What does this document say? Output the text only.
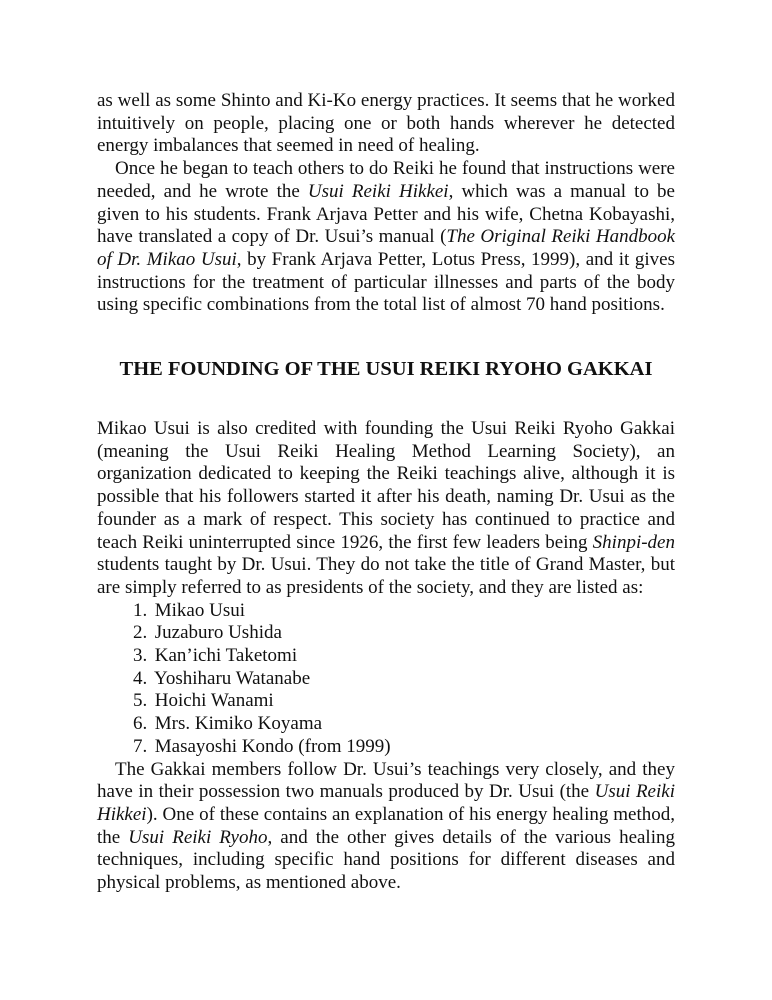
as well as some Shinto and Ki-Ko energy practices. It seems that he worked intuitively on people, placing one or both hands wherever he detected energy imbalances that seemed in need of healing.

Once he began to teach others to do Reiki he found that instructions were needed, and he wrote the Usui Reiki Hikkei, which was a manual to be given to his students. Frank Arjava Petter and his wife, Chetna Kobayashi, have translated a copy of Dr. Usui’s manual (The Original Reiki Handbook of Dr. Mikao Usui, by Frank Arjava Petter, Lotus Press, 1999), and it gives instructions for the treatment of particular illnesses and parts of the body using specific combinations from the total list of almost 70 hand positions.

THE FOUNDING OF THE USUI REIKI RYOHO GAKKAI

Mikao Usui is also credited with founding the Usui Reiki Ryoho Gakkai (meaning the Usui Reiki Healing Method Learning Society), an organization dedicated to keeping the Reiki teachings alive, although it is possible that his followers started it after his death, naming Dr. Usui as the founder as a mark of respect. This society has continued to practice and teach Reiki uninterrupted since 1926, the first few leaders being Shinpi-den students taught by Dr. Usui. They do not take the title of Grand Master, but are simply referred to as presidents of the society, and they are listed as:

1. Mikao Usui
2. Juzaburo Ushida
3. Kan’ichi Taketomi
4. Yoshiharu Watanabe
5. Hoichi Wanami
6. Mrs. Kimiko Koyama
7. Masayoshi Kondo (from 1999)

The Gakkai members follow Dr. Usui’s teachings very closely, and they have in their possession two manuals produced by Dr. Usui (the Usui Reiki Hikkei). One of these contains an explanation of his energy healing method, the Usui Reiki Ryoho, and the other gives details of the various healing techniques, including specific hand positions for different diseases and physical problems, as mentioned above.
